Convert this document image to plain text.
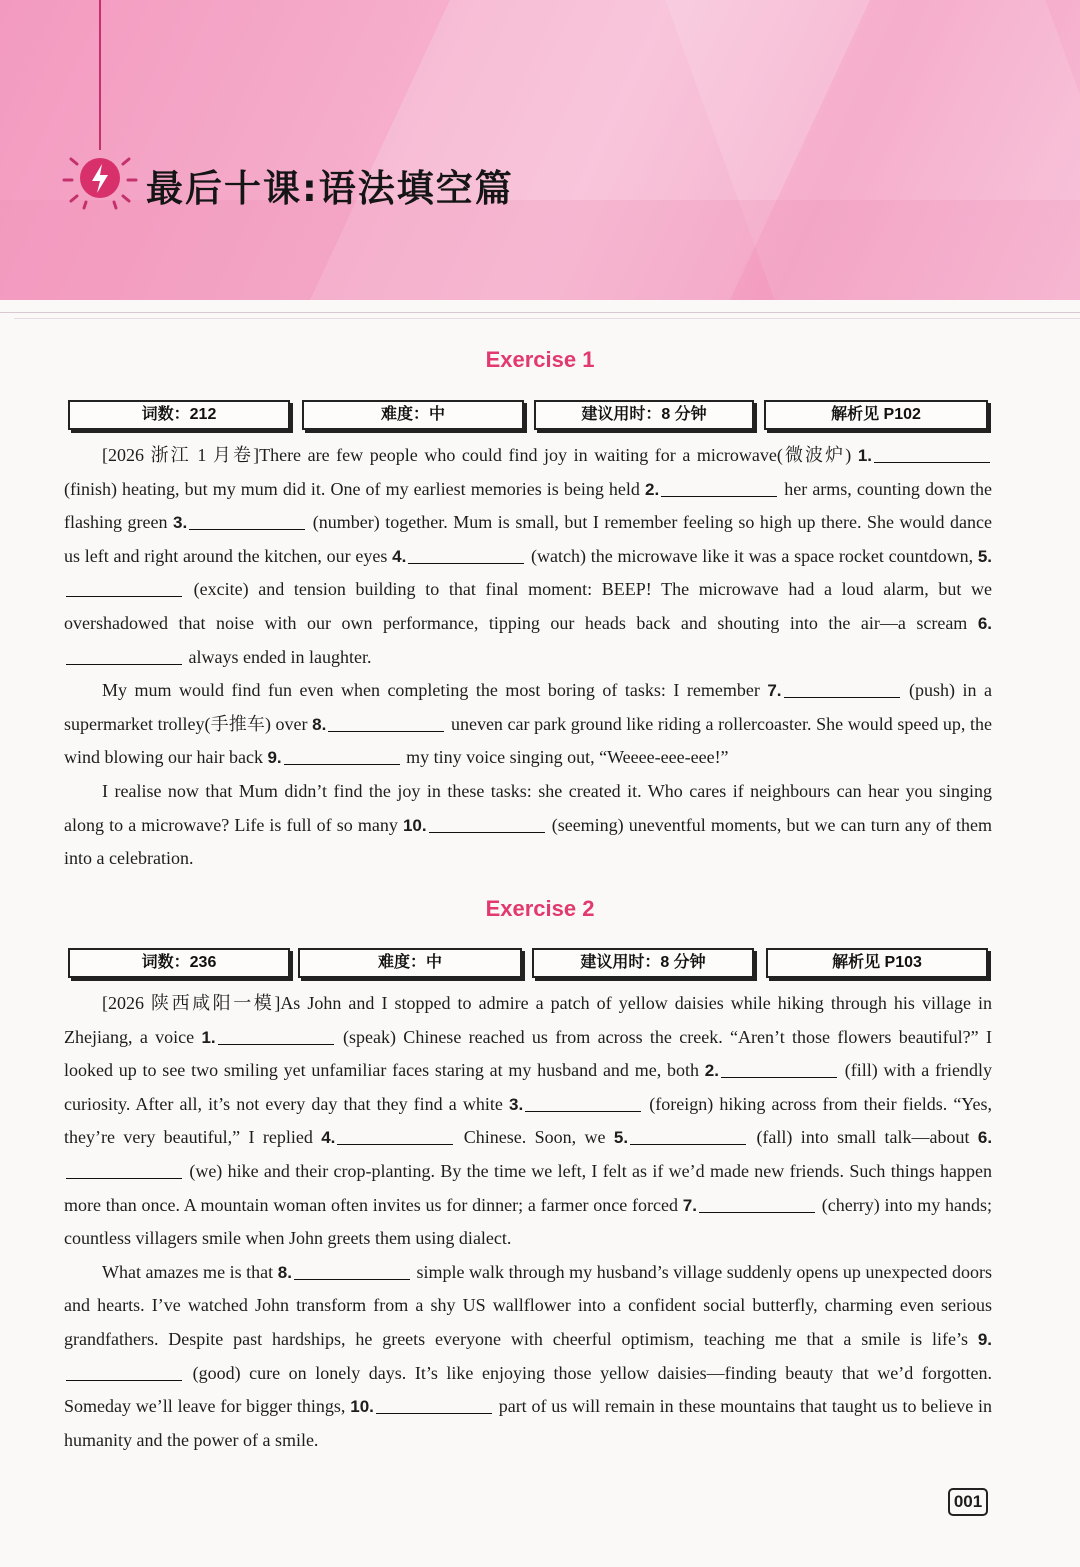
最后十课:语法填空篇
Exercise 1
词数：212	难度：中	建议用时：8 分钟	解析见 P102

[2026 浙江 1 月卷]There are few people who could find joy in waiting for a microwave(微波炉) 1. (finish) heating, but my mum did it. One of my earliest memories is being held 2.	her arms, counting down the flashing green 3.	(number) together. Mum is small, but I remember feeling so high up there. She would dance us left and right around the kitchen, our eyes 4.	(watch) the microwave like it was a space rocket countdown, 5. (excite) and tension building to that final moment: BEEP! The microwave had a loud alarm, but we overshadowed that noise with our own performance, tipping our heads back and shouting into the air—a scream 6. always ended in laughter.

My mum would find fun even when completing the most boring of tasks: I remember 7.	(push) in a supermarket trolley(手推车) over 8.	uneven car park ground like riding a rollercoaster. She would speed up, the wind blowing our hair back 9.	my tiny voice singing out, “Weeee-eee-eee!”

I realise now that Mum didn’t find the joy in these tasks: she created it. Who cares if neighbours can hear you singing along to a microwave? Life is full of so many 10.	(seeming) uneventful moments, but we can turn any of them into a celebration.

Exercise 2
词数：236	难度：中	建议用时：8 分钟	解析见 P103

[2026 陕西咸阳一模]As John and I stopped to admire a patch of yellow daisies while hiking through his village in Zhejiang, a voice 1.	(speak) Chinese reached us from across the creek. “Aren’t those flowers beautiful?” I looked up to see two smiling yet unfamiliar faces staring at my husband and me, both 2.	(fill) with a friendly curiosity. After all, it’s not every day that they find a white 3.	(foreign) hiking across from their fields. “Yes, they’re very beautiful,” I replied 4.	Chinese. Soon, we 5.	(fall) into small talk—about 6. (we) hike and their crop-planting. By the time we left, I felt as if we’d made new friends. Such things happen more than once. A mountain woman often invites us for dinner; a farmer once forced 7.	(cherry) into my hands; countless villagers smile when John greets them using dialect.

What amazes me is that 8.	simple walk through my husband’s village suddenly opens up unexpected doors and hearts. I’ve watched John transform from a shy US wallflower into a confident social butterfly, charming even serious grandfathers. Despite past hardships, he greets everyone with cheerful optimism, teaching me that a smile is life’s 9. (good) cure on lonely days. It’s like enjoying those yellow daisies—finding beauty that we’d forgotten. Someday we’ll leave for bigger things, 10.	part of us will remain in these mountains that taught us to believe in humanity and the power of a smile.

001
